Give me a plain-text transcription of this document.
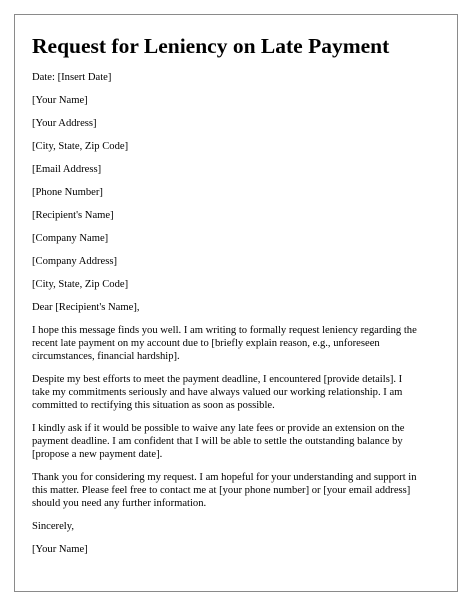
Request for Leniency on Late Payment
Date: [Insert Date]
[Your Name]
[Your Address]
[City, State, Zip Code]
[Email Address]
[Phone Number]
[Recipient's Name]
[Company Name]
[Company Address]
[City, State, Zip Code]
Dear [Recipient's Name],
I hope this message finds you well. I am writing to formally request leniency regarding the
recent late payment on my account due to [briefly explain reason, e.g., unforeseen
circumstances, financial hardship].
Despite my best efforts to meet the payment deadline, I encountered [provide details]. I
take my commitments seriously and have always valued our working relationship. I am
committed to rectifying this situation as soon as possible.
I kindly ask if it would be possible to waive any late fees or provide an extension on the
payment deadline. I am confident that I will be able to settle the outstanding balance by
[propose a new payment date].
Thank you for considering my request. I am hopeful for your understanding and support in
this matter. Please feel free to contact me at [your phone number] or [your email address]
should you need any further information.
Sincerely,
[Your Name]
